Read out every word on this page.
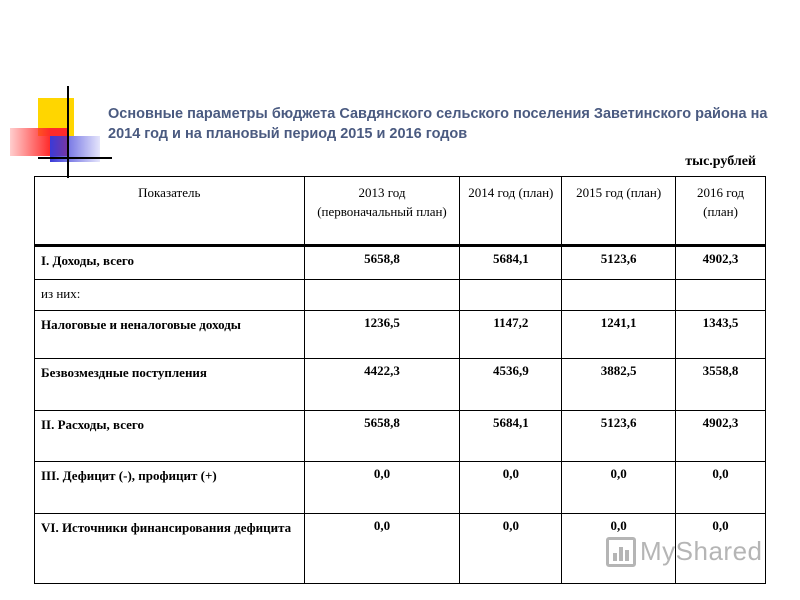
Основные параметры бюджета Савдянского сельского поселения Заветинского района на 2014 год и на плановый период 2015 и 2016 годов
тыс.рублей
Показатель	2013 год (первоначальный план)	2014 год (план)	2015 год (план)	2016 год (план)
I. Доходы, всего	5658,8	5684,1	5123,6	4902,3
из них:				
Налоговые и неналоговые доходы	1236,5	1147,2	1241,1	1343,5
Безвозмездные поступления	4422,3	4536,9	3882,5	3558,8
II. Расходы, всего	5658,8	5684,1	5123,6	4902,3
III. Дефицит (-), профицит (+)	0,0	0,0	0,0	0,0
VI. Источники финансирования дефицита	0,0	0,0	0,0	0,0
MyShared
